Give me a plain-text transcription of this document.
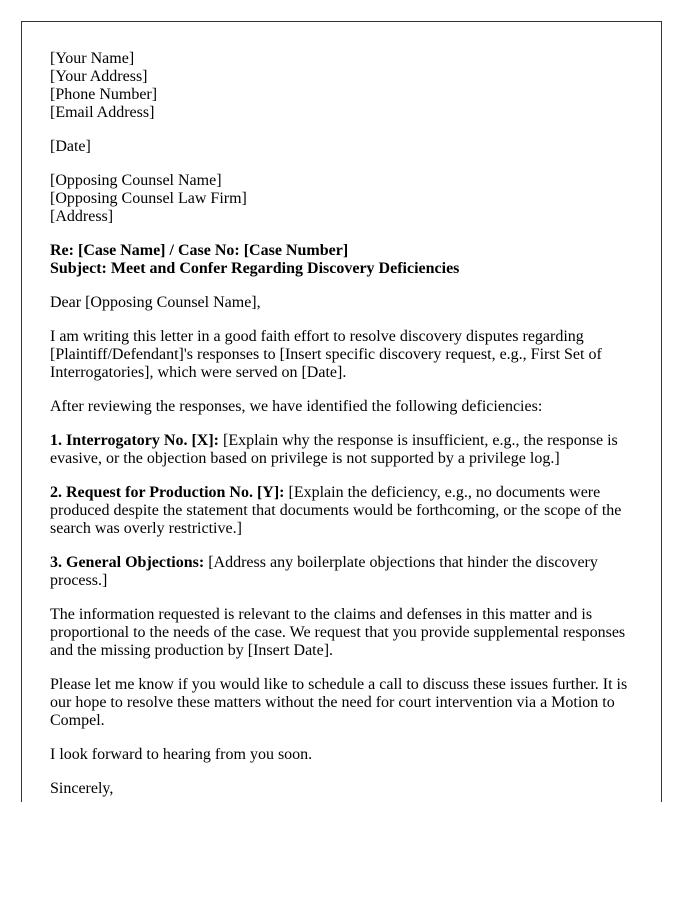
[Your Name]
[Your Address]
[Phone Number]
[Email Address]

[Date]

[Opposing Counsel Name]
[Opposing Counsel Law Firm]
[Address]

Re: [Case Name] / Case No: [Case Number]
Subject: Meet and Confer Regarding Discovery Deficiencies

Dear [Opposing Counsel Name],

I am writing this letter in a good faith effort to resolve discovery disputes regarding [Plaintiff/Defendant]'s responses to [Insert specific discovery request, e.g., First Set of Interrogatories], which were served on [Date].

After reviewing the responses, we have identified the following deficiencies:

1. Interrogatory No. [X]: [Explain why the response is insufficient, e.g., the response is evasive, or the objection based on privilege is not supported by a privilege log.]

2. Request for Production No. [Y]: [Explain the deficiency, e.g., no documents were produced despite the statement that documents would be forthcoming, or the scope of the search was overly restrictive.]

3. General Objections: [Address any boilerplate objections that hinder the discovery process.]

The information requested is relevant to the claims and defenses in this matter and is proportional to the needs of the case. We request that you provide supplemental responses and the missing production by [Insert Date].

Please let me know if you would like to schedule a call to discuss these issues further. It is our hope to resolve these matters without the need for court intervention via a Motion to Compel.

I look forward to hearing from you soon.

Sincerely,
